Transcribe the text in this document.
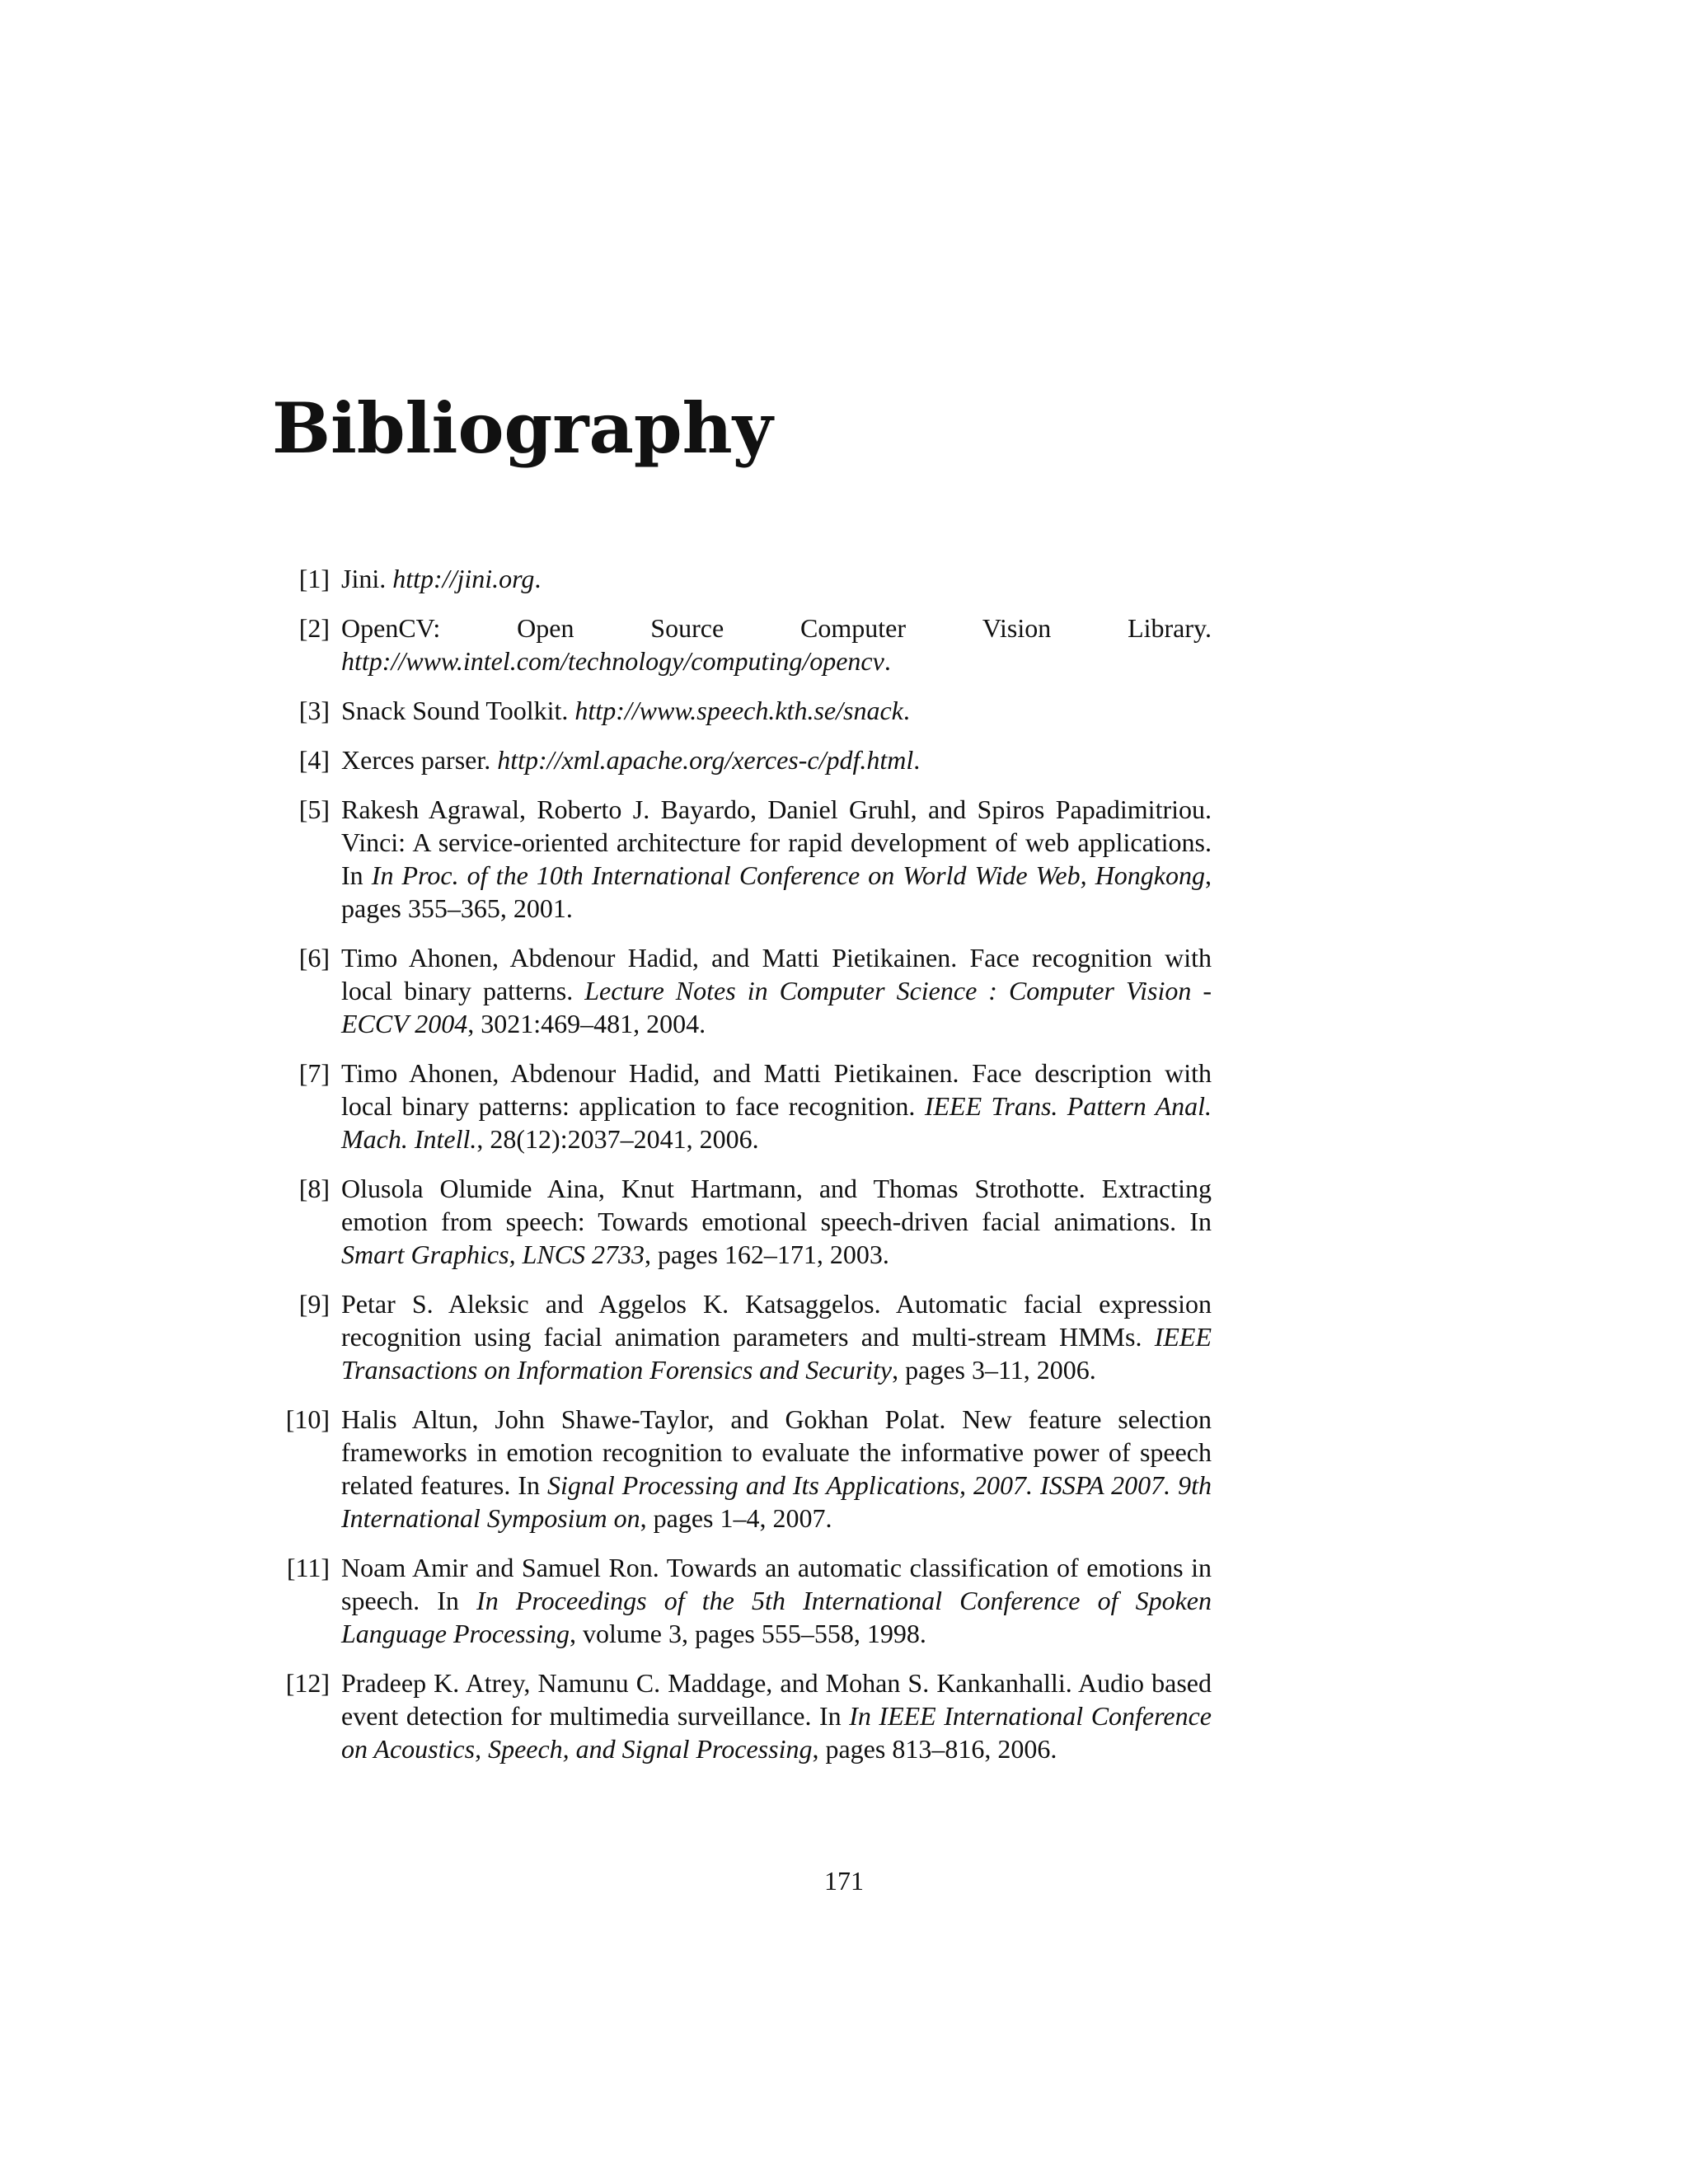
Bibliography
[1] Jini. http://jini.org.
[2] OpenCV:	Open	Source	Computer	Vision	Library.
http://www.intel.com/technology/computing/opencv.
[3] Snack Sound Toolkit. http://www.speech.kth.se/snack.
[4] Xerces parser. http://xml.apache.org/xerces-c/pdf.html.
[5] Rakesh Agrawal, Roberto J. Bayardo, Daniel Gruhl, and Spiros Papadimitriou. Vinci: A service-oriented architecture for rapid development of web applications. In In Proc. of the 10th International Conference on World Wide Web, Hongkong, pages 355–365, 2001.
[6] Timo Ahonen, Abdenour Hadid, and Matti Pietikainen. Face recognition with local binary patterns. Lecture Notes in Computer Science : Computer Vision - ECCV 2004, 3021:469–481, 2004.
[7] Timo Ahonen, Abdenour Hadid, and Matti Pietikainen. Face description with local binary patterns: application to face recognition. IEEE Trans. Pattern Anal. Mach. Intell., 28(12):2037–2041, 2006.
[8] Olusola Olumide Aina, Knut Hartmann, and Thomas Strothotte. Extracting emotion from speech: Towards emotional speech-driven facial animations. In Smart Graphics, LNCS 2733, pages 162–171, 2003.
[9] Petar S. Aleksic and Aggelos K. Katsaggelos. Automatic facial expression recognition using facial animation parameters and multi-stream HMMs. IEEE Transactions on Information Forensics and Security, pages 3–11, 2006.
[10] Halis Altun, John Shawe-Taylor, and Gokhan Polat. New feature selection frameworks in emotion recognition to evaluate the informative power of speech related features. In Signal Processing and Its Applications, 2007. ISSPA 2007. 9th International Symposium on, pages 1–4, 2007.
[11] Noam Amir and Samuel Ron. Towards an automatic classification of emotions in speech. In In Proceedings of the 5th International Conference of Spoken Language Processing, volume 3, pages 555–558, 1998.
[12] Pradeep K. Atrey, Namunu C. Maddage, and Mohan S. Kankanhalli. Audio based event detection for multimedia surveillance. In In IEEE International Conference on Acoustics, Speech, and Signal Processing, pages 813–816, 2006.
171
